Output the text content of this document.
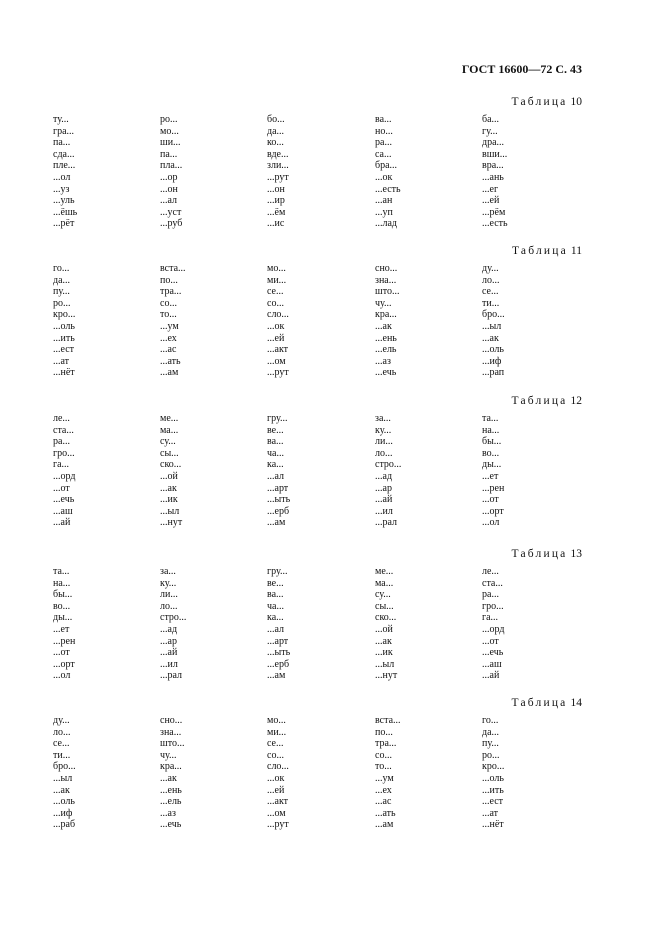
ГОСТ 16600—72 С. 43
Таблица 10
ту...
гра...
па...
сда...
пле...
...ол
...уз
...уль
...ёшь
...рёт
ро...
мо...
ши...
па...
пла...
...ор
...он
...ал
...уст
...руб
бо...
да...
ко...
вде...
зли...
...рут
...он
...ир
...ём
...ис
ва...
но...
ра...
са...
бра...
...ок
...есть
...ан
...уп
...лад
ба...
гу...
дра...
вши...
вра...
...ань
...ег
...ей
...рём
...есть
Таблица 11
го...
да...
пу...
ро...
кро...
...оль
...ить
...ест
...ат
...нёт
вста...
по...
тра...
со...
то...
...ум
...ех
...ас
...ать
...ам
мо...
ми...
се...
со...
сло...
...ок
...ей
...акт
...ом
...рут
сно...
зна...
што...
чу...
кра...
...ак
...ень
...ель
...аз
...ечь
ду...
ло...
се...
ти...
бро...
...ыл
...ак
...оль
...иф
...рап
Таблица 12
ле...
ста...
ра...
гро...
га...
...орд
...от
...ечь
...аш
...ай
ме...
ма...
су...
сы...
ско...
...ой
...ак
...ик
...ыл
...нут
гру...
ве...
ва...
ча...
ка...
...ал
...арт
...ыть
...ерб
...ам
за...
ку...
ли...
ло...
стро...
...ад
...ар
...ай
...ил
...рал
та...
на...
бы...
во...
ды...
...ет
...рен
...от
...орт
...ол
Таблица 13
та...
на...
бы...
во...
ды...
...ет
...рен
...от
...орт
...ол
за...
ку...
ли...
ло...
стро...
...ад
...ар
...ай
...ил
...рал
гру...
ве...
ва...
ча...
ка...
...ал
...арт
...ыть
...ерб
...ам
ме...
ма...
су...
сы...
ско...
...ой
...ак
...ик
...ыл
...нут
ле...
ста...
ра...
гро...
га...
...орд
...от
...ечь
...аш
...ай
Таблица 14
ду...
ло...
се...
ти...
бро...
...ыл
...ак
...оль
...иф
...раб
сно...
зна...
што...
чу...
кра...
...ак
...ень
...ель
...аз
...ечь
мо...
ми...
се...
со...
сло...
...ок
...ей
...акт
...ом
...рут
вста...
по...
тра...
со...
то...
...ум
...ех
...ас
...ать
...ам
го...
да...
пу...
ро...
кро...
...оль
...ить
...ест
...ат
...нёт
